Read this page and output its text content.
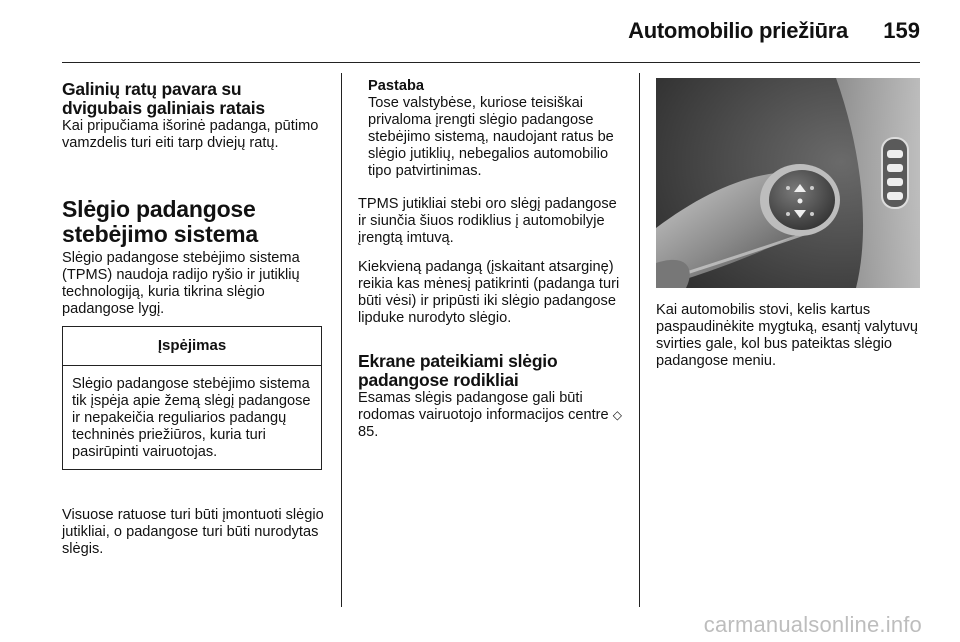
Automobilio priežiūra 159

Galinių ratų pavara su dvigubais galiniais ratais

Kai pripučiama išorinė padanga, pūtimo vamzdelis turi eiti tarp dviejų ratų.

Slėgio padangose stebėjimo sistema

Slėgio padangose stebėjimo sistema (TPMS) naudoja radijo ryšio ir jutiklių technologiją, kuria tikrina slėgio padangose lygį.

Įspėjimas

Slėgio padangose stebėjimo sistema tik įspėja apie žemą slėgį padangose ir nepakeičia reguliarios padangų techninės priežiūros, kuria turi pasirūpinti vairuotojas.

Visuose ratuose turi būti įmontuoti slėgio jutikliai, o padangose turi būti nurodytas slėgis.

Pastaba

Tose valstybėse, kuriose teisiškai privaloma įrengti slėgio padangose stebėjimo sistemą, naudojant ratus be slėgio jutiklių, nebegalios automobilio tipo patvirtinimas.

TPMS jutikliai stebi oro slėgį padangose ir siunčia šiuos rodiklius į automobilyje įrengtą imtuvą.

Kiekvieną padangą (įskaitant atsarginę) reikia kas mėnesį patikrinti (padanga turi būti vėsi) ir pripūsti iki slėgio padangose lipduke nurodyto slėgio.

Ekrane pateikiami slėgio padangose rodikliai

Esamas slėgis padangose gali būti rodomas vairuotojo informacijos centre ◇ 85.

Kai automobilis stovi, kelis kartus paspaudinėkite mygtuką, esantį valytuvų svirties gale, kol bus pateiktas slėgio padangose meniu.

carmanualsonline.info
